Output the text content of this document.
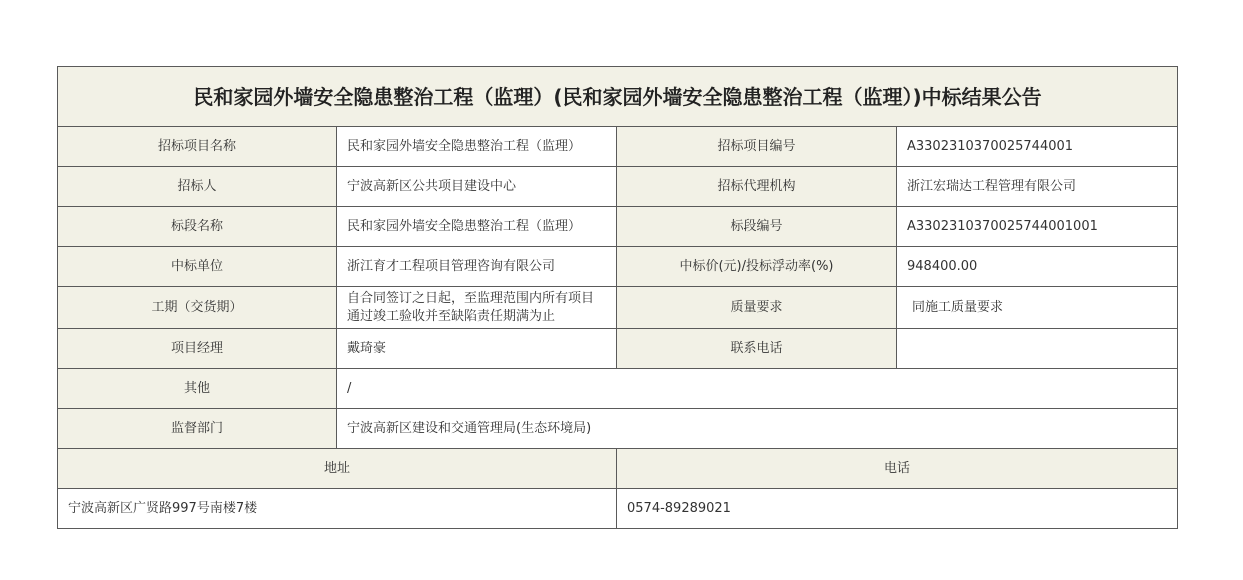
民和家园外墙安全隐患整治工程（监理）(民和家园外墙安全隐患整治工程（监理）)中标结果公告			
招标项目名称	民和家园外墙安全隐患整治工程（监理）	招标项目编号	A3302310370025744001
招标人	宁波高新区公共项目建设中心	招标代理机构	浙江宏瑞达工程管理有限公司
标段名称	民和家园外墙安全隐患整治工程（监理）	标段编号	A3302310370025744001001
中标单位	浙江育才工程项目管理咨询有限公司	中标价(元)/投标浮动率(%)	948400.00
工期（交货期）	自合同签订之日起，至监理范围内所有项目通过竣工验收并至缺陷责任期满为止	质量要求	同施工质量要求
项目经理	戴琦豪	联系电话	
其他	/		
监督部门	宁波高新区建设和交通管理局(生态环境局)		
地址		电话	
宁波高新区广贤路997号南楼7楼		0574-89289021	
